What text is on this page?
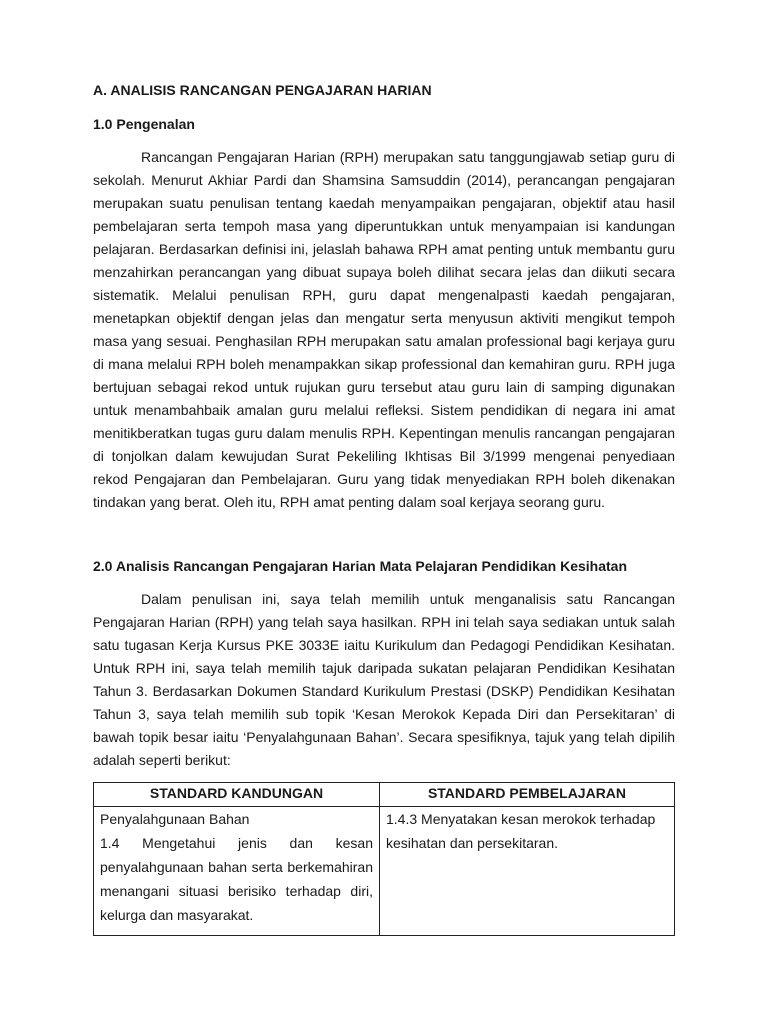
A. ANALISIS RANCANGAN PENGAJARAN HARIAN
1.0 Pengenalan

Rancangan Pengajaran Harian (RPH) merupakan satu tanggungjawab setiap guru di sekolah. Menurut Akhiar Pardi dan Shamsina Samsuddin (2014), perancangan pengajaran merupakan suatu penulisan tentang kaedah menyampaikan pengajaran, objektif atau hasil pembelajaran serta tempoh masa yang diperuntukkan untuk menyampaian isi kandungan pelajaran. Berdasarkan definisi ini, jelaslah bahawa RPH amat penting untuk membantu guru menzahirkan perancangan yang dibuat supaya boleh dilihat secara jelas dan diikuti secara sistematik. Melalui penulisan RPH, guru dapat mengenalpasti kaedah pengajaran, menetapkan objektif dengan jelas dan mengatur serta menyusun aktiviti mengikut tempoh masa yang sesuai. Penghasilan RPH merupakan satu amalan professional bagi kerjaya guru di mana melalui RPH boleh menampakkan sikap professional dan kemahiran guru. RPH juga bertujuan sebagai rekod untuk rujukan guru tersebut atau guru lain di samping digunakan untuk menambahbaik amalan guru melalui refleksi. Sistem pendidikan di negara ini amat menitikberatkan tugas guru dalam menulis RPH. Kepentingan menulis rancangan pengajaran di tonjolkan dalam kewujudan Surat Pekeliling Ikhtisas Bil 3/1999 mengenai penyediaan rekod Pengajaran dan Pembelajaran. Guru yang tidak menyediakan RPH boleh dikenakan tindakan yang berat. Oleh itu, RPH amat penting dalam soal kerjaya seorang guru.

2.0 Analisis Rancangan Pengajaran Harian Mata Pelajaran Pendidikan Kesihatan

Dalam penulisan ini, saya telah memilih untuk menganalisis satu Rancangan Pengajaran Harian (RPH) yang telah saya hasilkan. RPH ini telah saya sediakan untuk salah satu tugasan Kerja Kursus PKE 3033E iaitu Kurikulum dan Pedagogi Pendidikan Kesihatan. Untuk RPH ini, saya telah memilih tajuk daripada sukatan pelajaran Pendidikan Kesihatan Tahun 3. Berdasarkan Dokumen Standard Kurikulum Prestasi (DSKP) Pendidikan Kesihatan Tahun 3, saya telah memilih sub topik ‘Kesan Merokok Kepada Diri dan Persekitaran’ di bawah topik besar iaitu ‘Penyalahgunaan Bahan’. Secara spesifiknya, tajuk yang telah dipilih adalah seperti berikut:

STANDARD KANDUNGAN	STANDARD PEMBELAJARAN

Penyalahgunaan Bahan
1.4 Mengetahui jenis dan kesan
penyalahgunaan bahan serta berkemahiran
menangani situasi berisiko terhadap diri,
kelurga dan masyarakat.	1.4.3 Menyatakan kesan merokok terhadap
kesihatan dan persekitaran.
